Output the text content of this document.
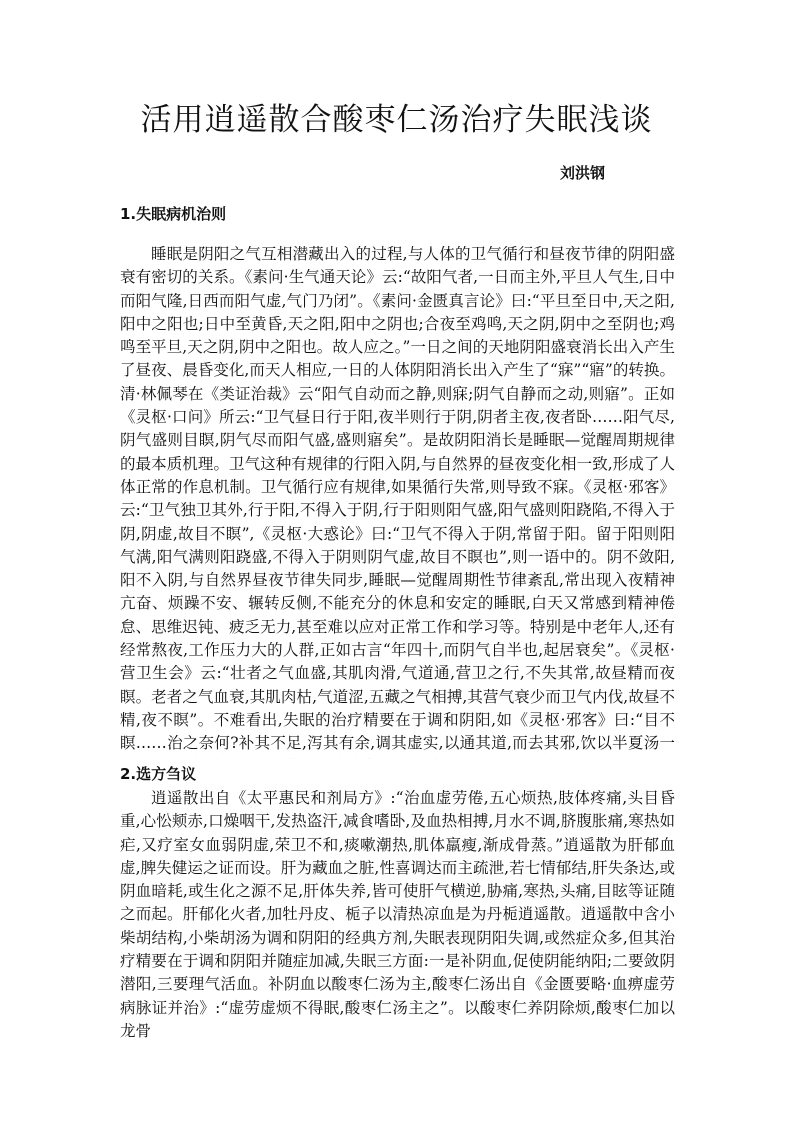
活用逍遥散合酸枣仁汤治疗失眠浅谈
刘洪钢
1.失眠病机治则

睡眠是阴阳之气互相潜藏出入的过程,与人体的卫气循行和昼夜节律的阴阳盛衰有密切的关系。《素问·生气通天论》云:“故阳气者,一日而主外,平旦人气生,日中而阳气隆,日西而阳气虚,气门乃闭”。《素问·金匮真言论》曰:“平旦至日中,天之阳,阳中之阳也;日中至黄昏,天之阳,阳中之阴也;合夜至鸡鸣,天之阴,阴中之至阴也;鸡鸣至平旦,天之阴,阴中之阳也。故人应之。”一日之间的天地阴阳盛衰消长出入产生了昼夜、晨昏变化,而天人相应,一日的人体阴阳消长出入产生了“寐”“寤”的转换。清·林佩琴在《类证治裁》云“阳气自动而之静,则寐;阴气自静而之动,则寤”。正如《灵枢·口问》所云:“卫气昼日行于阳,夜半则行于阴,阴者主夜,夜者卧……阳气尽,阴气盛则目瞑,阴气尽而阳气盛,盛则寤矣”。是故阴阳消长是睡眠—觉醒周期规律的最本质机理。卫气这种有规律的行阳入阴,与自然界的昼夜变化相一致,形成了人体正常的作息机制。卫气循行应有规律,如果循行失常,则导致不寐。《灵枢·邪客》云:“卫气独卫其外,行于阳,不得入于阴,行于阳则阳气盛,阳气盛则阳跷陷,不得入于阴,阴虚,故目不瞑”,《灵枢·大惑论》曰:“卫气不得入于阴,常留于阳。留于阳则阳气满,阳气满则阳跷盛,不得入于阴则阴气虚,故目不瞑也”,则一语中的。阴不敛阳,阳不入阴,与自然界昼夜节律失同步,睡眠—觉醒周期性节律紊乱,常出现入夜精神亢奋、烦躁不安、辗转反侧,不能充分的休息和安定的睡眠,白天又常感到精神倦怠、思维迟钝、疲乏无力,甚至难以应对正常工作和学习等。特别是中老年人,还有经常熬夜,工作压力大的人群,正如古言“年四十,而阴气自半也,起居衰矣”。《灵枢·营卫生会》云:“壮者之气血盛,其肌肉滑,气道通,营卫之行,不失其常,故昼精而夜瞑。老者之气血衰,其肌肉枯,气道涩,五藏之气相搏,其营气衰少而卫气内伐,故昼不精,夜不瞑”。不难看出,失眠的治疗精要在于调和阴阳,如《灵枢·邪客》曰:“目不瞑……治之奈何?补其不足,泻其有余,调其虚实,以通其道,而去其邪,饮以半夏汤一

2.选方刍议

逍遥散出自《太平惠民和剂局方》:“治血虚劳倦,五心烦热,肢体疼痛,头目昏重,心忪颊赤,口燥咽干,发热盗汗,减食嗜卧,及血热相搏,月水不调,脐腹胀痛,寒热如疟,又疗室女血弱阴虚,荣卫不和,痰嗽潮热,肌体羸瘦,渐成骨蒸。”逍遥散为肝郁血虚,脾失健运之证而设。肝为藏血之脏,性喜调达而主疏泄,若七情郁结,肝失条达,或阴血暗耗,或生化之源不足,肝体失养,皆可使肝气横逆,胁痛,寒热,头痛,目眩等证随之而起。肝郁化火者,加牡丹皮、栀子以清热凉血是为丹栀逍遥散。逍遥散中含小柴胡结构,小柴胡汤为调和阴阳的经典方剂,失眠表现阴阳失调,或然症众多,但其治疗精要在于调和阴阳并随症加减,失眠三方面:一是补阴血,促使阴能纳阳;二要敛阴潜阳,三要理气活血。补阴血以酸枣仁汤为主,酸枣仁汤出自《金匮要略·血痹虚劳病脉证并治》:“虚劳虚烦不得眠,酸枣仁汤主之”。以酸枣仁养阴除烦,酸枣仁加以龙骨
